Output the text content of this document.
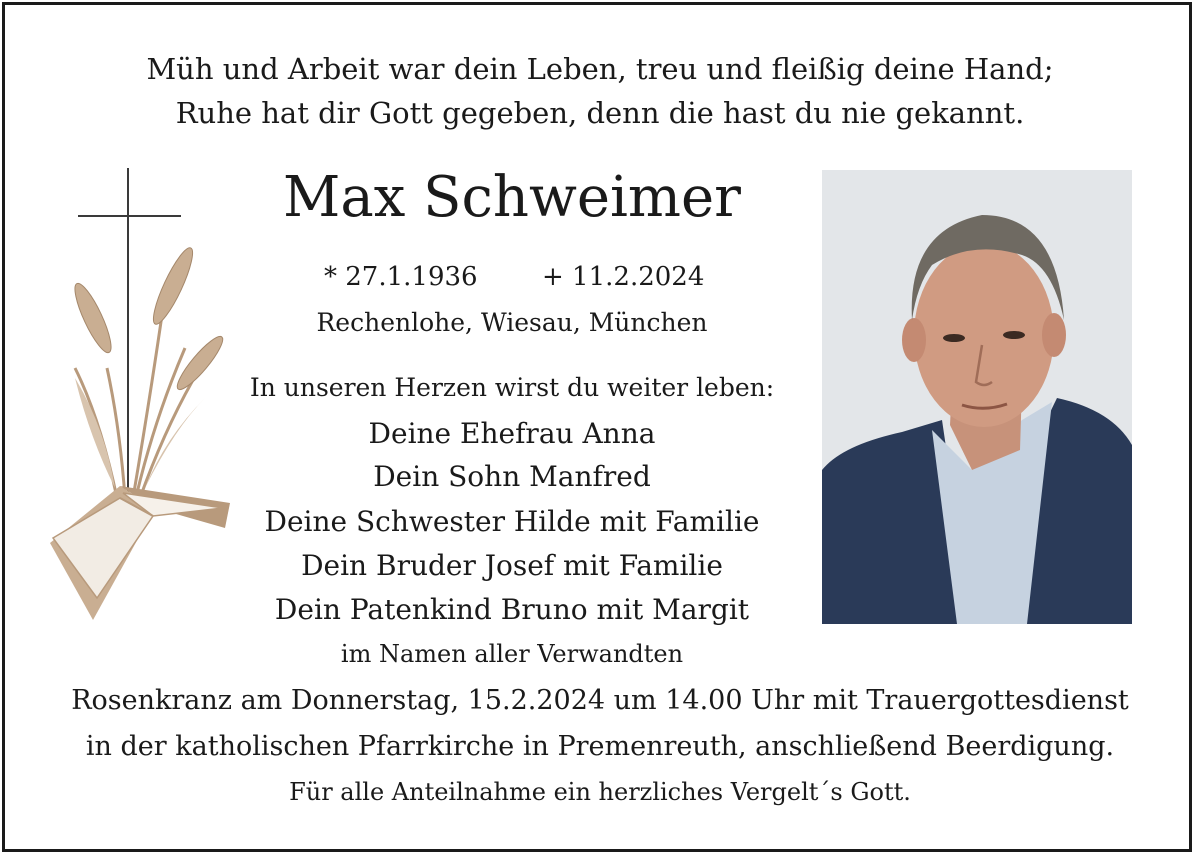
Müh und Arbeit war dein Leben, treu und fleißig deine Hand;
Ruhe hat dir Gott gegeben, denn die hast du nie gekannt.
Max Schweimer
* 27.1.1936 + 11.2.2024
Rechenlohe, Wiesau, München
In unseren Herzen wirst du weiter leben:
Deine Ehefrau Anna
Dein Sohn Manfred
Deine Schwester Hilde mit Familie
Dein Bruder Josef mit Familie
Dein Patenkind Bruno mit Margit
im Namen aller Verwandten
Rosenkranz am Donnerstag, 15.2.2024 um 14.00 Uhr mit Trauergottesdienst
in der katholischen Pfarrkirche in Premenreuth, anschließend Beerdigung.
Für alle Anteilnahme ein herzliches Vergelt´s Gott.
